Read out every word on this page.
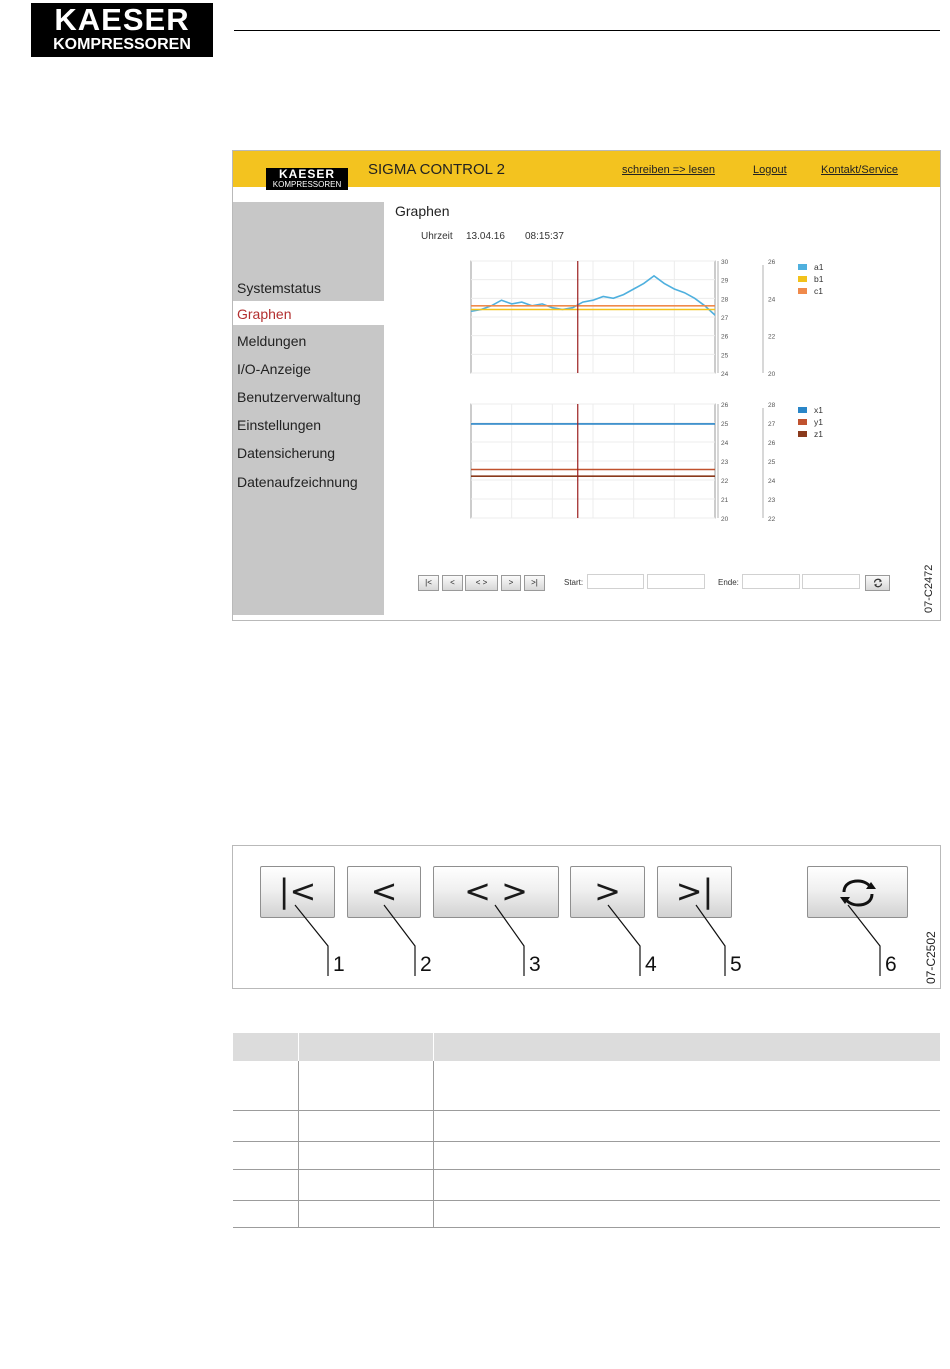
KAESER
KOMPRESSOREN
KAESER
KOMPRESSOREN
SIGMA CONTROL 2	schreiben => lesen	Logout	Kontakt/Service
Systemstatus
Graphen
Meldungen
I/O-Anzeige
Benutzerverwaltung
Einstellungen
Datensicherung
Datenaufzeichnung
Graphen
Uhrzeit 13.04.16 08:15:37
30
29
28
27
26
25
24
26
24
22
20
a1
b1
c1
26
25
24
23
22
21
20
28
27
26
25
24
23
22
x1
y1
z1
|<	<	< >	>	>|	Start:	Ende:	07-C2472
|<	<	< >	>	>|
1	2	3	4	5	6 07-C2502
